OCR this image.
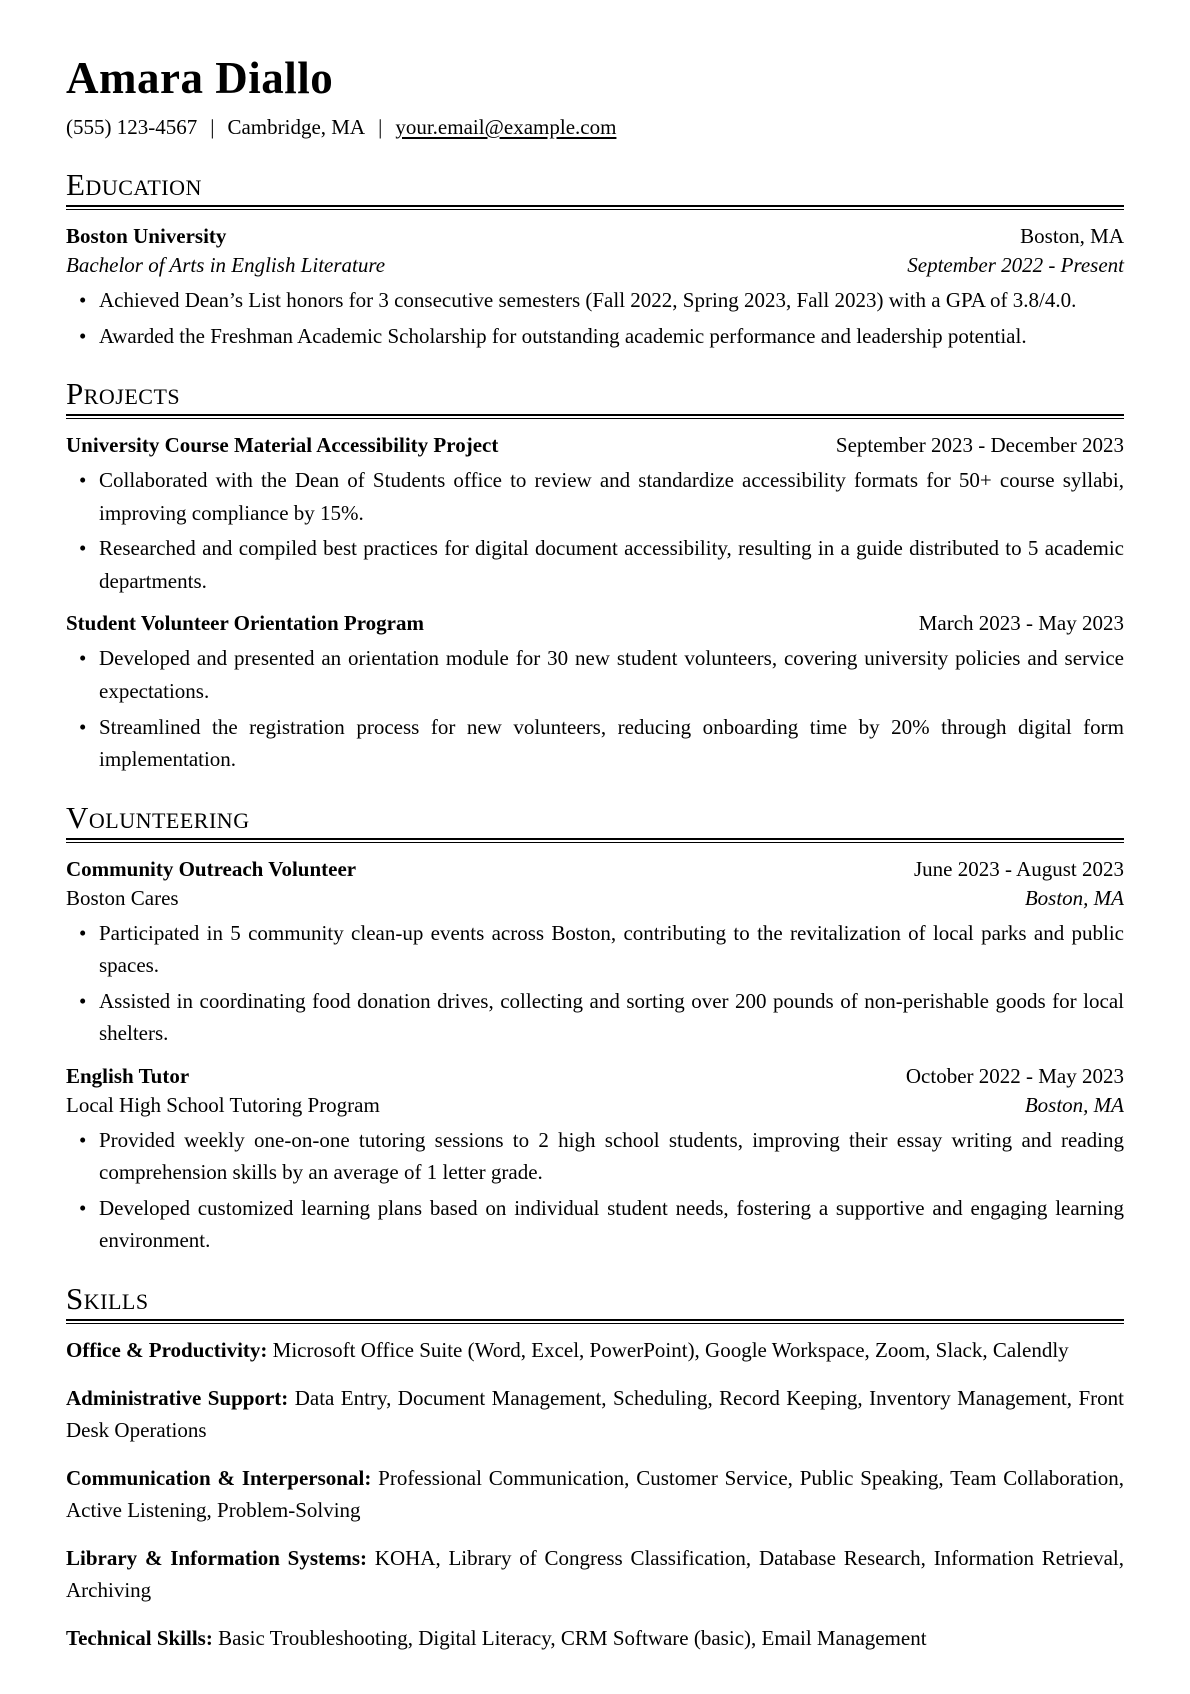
Amara Diallo
(555) 123-4567 | Cambridge, MA | your.email@example.com
Education
Boston University	Boston, MA
Bachelor of Arts in English Literature	September 2022 - Present
• Achieved Dean’s List honors for 3 consecutive semesters (Fall 2022, Spring 2023, Fall 2023) with a GPA of 3.8/4.0.
• Awarded the Freshman Academic Scholarship for outstanding academic performance and leadership potential.
Projects
University Course Material Accessibility Project	September 2023 - December 2023
• Collaborated with the Dean of Students office to review and standardize accessibility formats for 50+ course syllabi, improving compliance by 15%.
• Researched and compiled best practices for digital document accessibility, resulting in a guide distributed to 5 academic departments.
Student Volunteer Orientation Program	March 2023 - May 2023
• Developed and presented an orientation module for 30 new student volunteers, covering university policies and service expectations.
• Streamlined the registration process for new volunteers, reducing onboarding time by 20% through digital form implementation.
Volunteering
Community Outreach Volunteer	June 2023 - August 2023
Boston Cares	Boston, MA
• Participated in 5 community clean-up events across Boston, contributing to the revitalization of local parks and public spaces.
• Assisted in coordinating food donation drives, collecting and sorting over 200 pounds of non-perishable goods for local shelters.
English Tutor	October 2022 - May 2023
Local High School Tutoring Program	Boston, MA
• Provided weekly one-on-one tutoring sessions to 2 high school students, improving their essay writing and reading comprehension skills by an average of 1 letter grade.
• Developed customized learning plans based on individual student needs, fostering a supportive and engaging learning environment.
Skills

Office & Productivity: Microsoft Office Suite (Word, Excel, PowerPoint), Google Workspace, Zoom, Slack, Calendly

Administrative Support: Data Entry, Document Management, Scheduling, Record Keeping, Inventory Management, Front Desk Operations

Communication & Interpersonal: Professional Communication, Customer Service, Public Speaking, Team Collaboration, Active Listening, Problem-Solving

Library & Information Systems: KOHA, Library of Congress Classification, Database Research, Information Retrieval, Archiving

Technical Skills: Basic Troubleshooting, Digital Literacy, CRM Software (basic), Email Management
